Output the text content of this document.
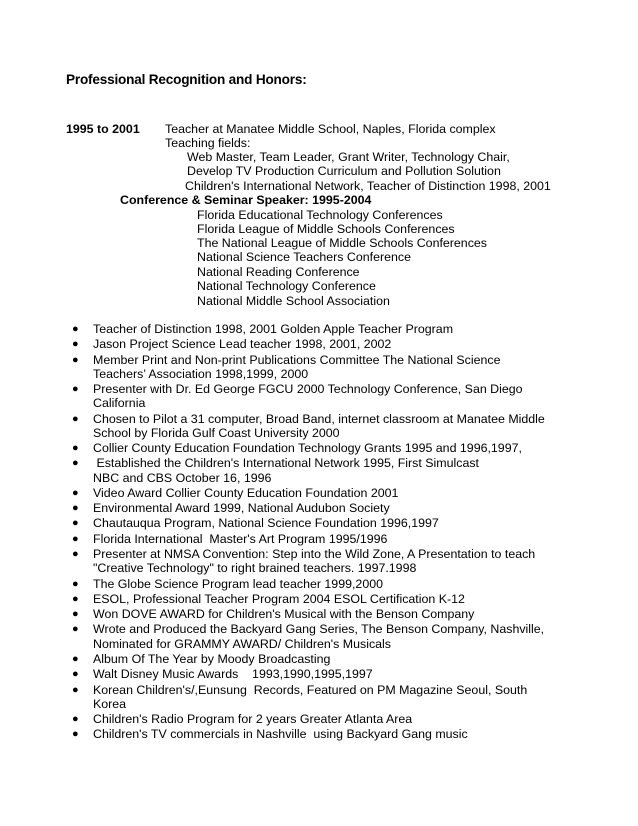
Professional Recognition and Honors:
1995 to 2001 Teacher at Manatee Middle School, Naples, Florida complex
Teaching fields:
Web Master, Team Leader, Grant Writer, Technology Chair,
Develop TV Production Curriculum and Pollution Solution
Children's International Network, Teacher of Distinction 1998, 2001
Conference & Seminar Speaker: 1995-2004
Florida Educational Technology Conferences
Florida League of Middle Schools Conferences
The National League of Middle Schools Conferences
National Science Teachers Conference
National Reading Conference
National Technology Conference
National Middle School Association
● Teacher of Distinction 1998, 2001 Golden Apple Teacher Program
● Jason Project Science Lead teacher 1998, 2001, 2002
● Member Print and Non-print Publications Committee The National Science
Teachers’ Association 1998,1999, 2000
● Presenter with Dr. Ed George FGCU 2000 Technology Conference, San Diego
California
● Chosen to Pilot a 31 computer, Broad Band, internet classroom at Manatee Middle
School by Florida Gulf Coast University 2000
● Collier County Education Foundation Technology Grants 1995 and 1996,1997,
● Established the Children's International Network 1995, First Simulcast
NBC and CBS October 16, 1996
● Video Award Collier County Education Foundation 2001
● Environmental Award 1999, National Audubon Society
● Chautauqua Program, National Science Foundation 1996,1997
● Florida International  Master's Art Program 1995/1996
● Presenter at NMSA Convention: Step into the Wild Zone, A Presentation to teach
"Creative Technology" to right brained teachers. 1997.1998
● The Globe Science Program lead teacher 1999,2000
● ESOL, Professional Teacher Program 2004 ESOL Certification K-12
● Won DOVE AWARD for Children's Musical with the Benson Company
● Wrote and Produced the Backyard Gang Series, The Benson Company, Nashville,
Nominated for GRAMMY AWARD/ Children's Musicals
● Album Of The Year by Moody Broadcasting
● Walt Disney Music Awards    1993,1990,1995,1997
● Korean Children's/,Eunsung  Records, Featured on PM Magazine Seoul, South
Korea
● Children's Radio Program for 2 years Greater Atlanta Area
● Children's TV commercials in Nashville  using Backyard Gang music
